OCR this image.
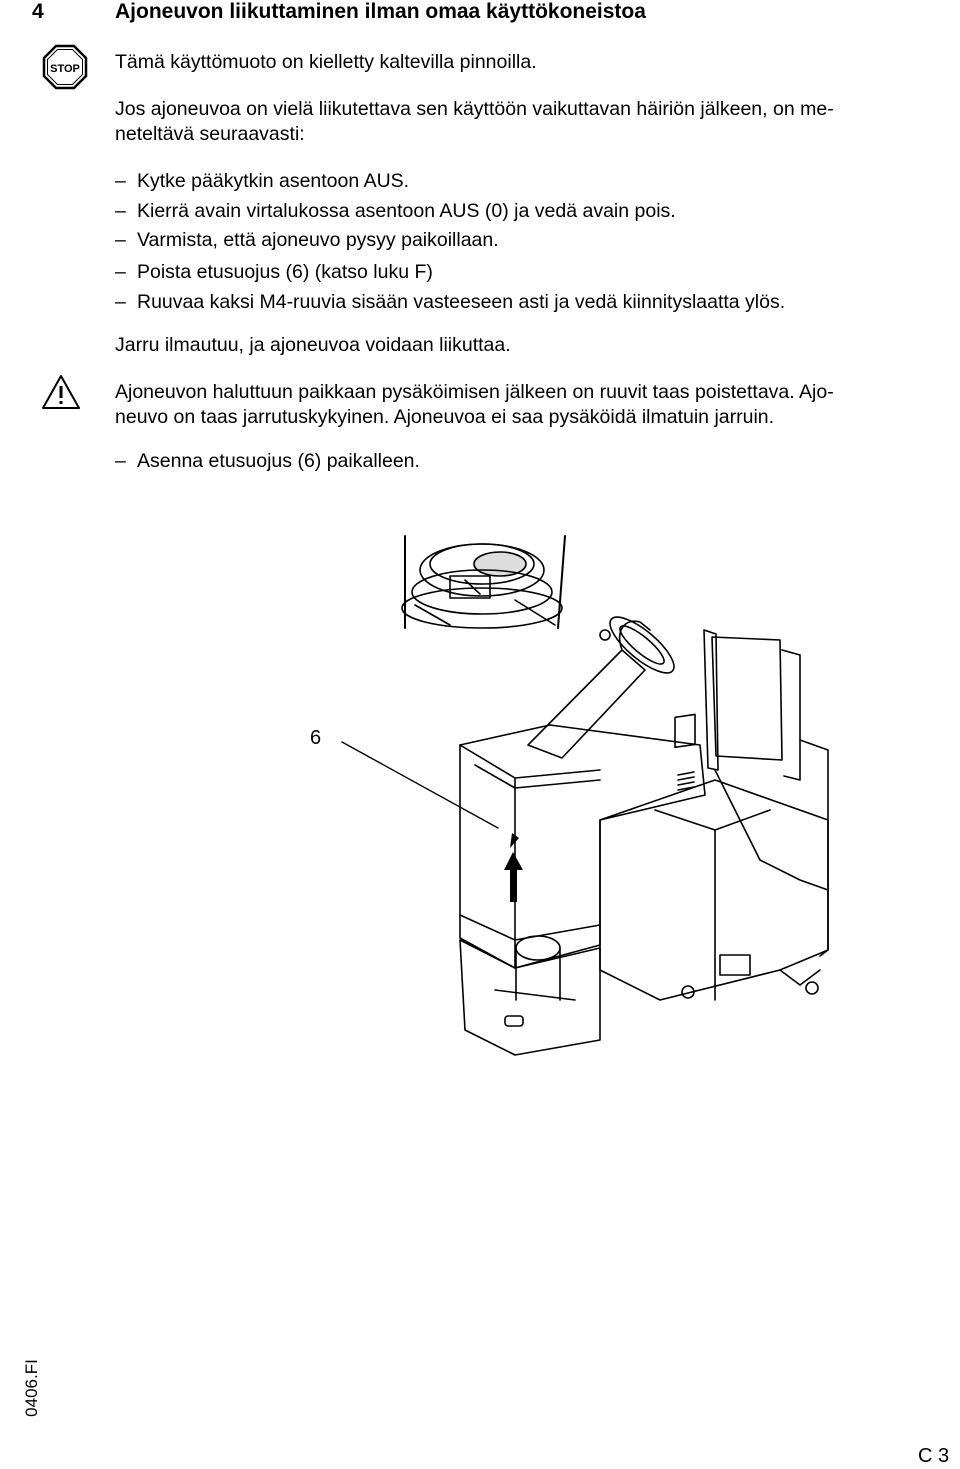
4	Ajoneuvon liikuttaminen ilman omaa käyttökoneistoa
STOP Tämä käyttömuoto on kielletty kaltevilla pinnoilla.
Jos ajoneuvoa on vielä liikutettava sen käyttöön vaikuttavan häiriön jälkeen, on me-
neteltävä seuraavasti:
– Kytke pääkytkin asentoon AUS.
– Kierrä avain virtalukossa asentoon AUS (0) ja vedä avain pois.
– Varmista, että ajoneuvo pysyy paikoillaan.
– Poista etusuojus (6) (katso luku F)
– Ruuvaa kaksi M4-ruuvia sisään vasteeseen asti ja vedä kiinnityslaatta ylös.
Jarru ilmautuu, ja ajoneuvoa voidaan liikuttaa.
Ajoneuvon haluttuun paikkaan pysäköimisen jälkeen on ruuvit taas poistettava. Ajo-
neuvo on taas jarrutuskykyinen. Ajoneuvoa ei saa pysäköidä ilmatuin jarruin.
– Asenna etusuojus (6) paikalleen.
6
0406.FI
C 3
